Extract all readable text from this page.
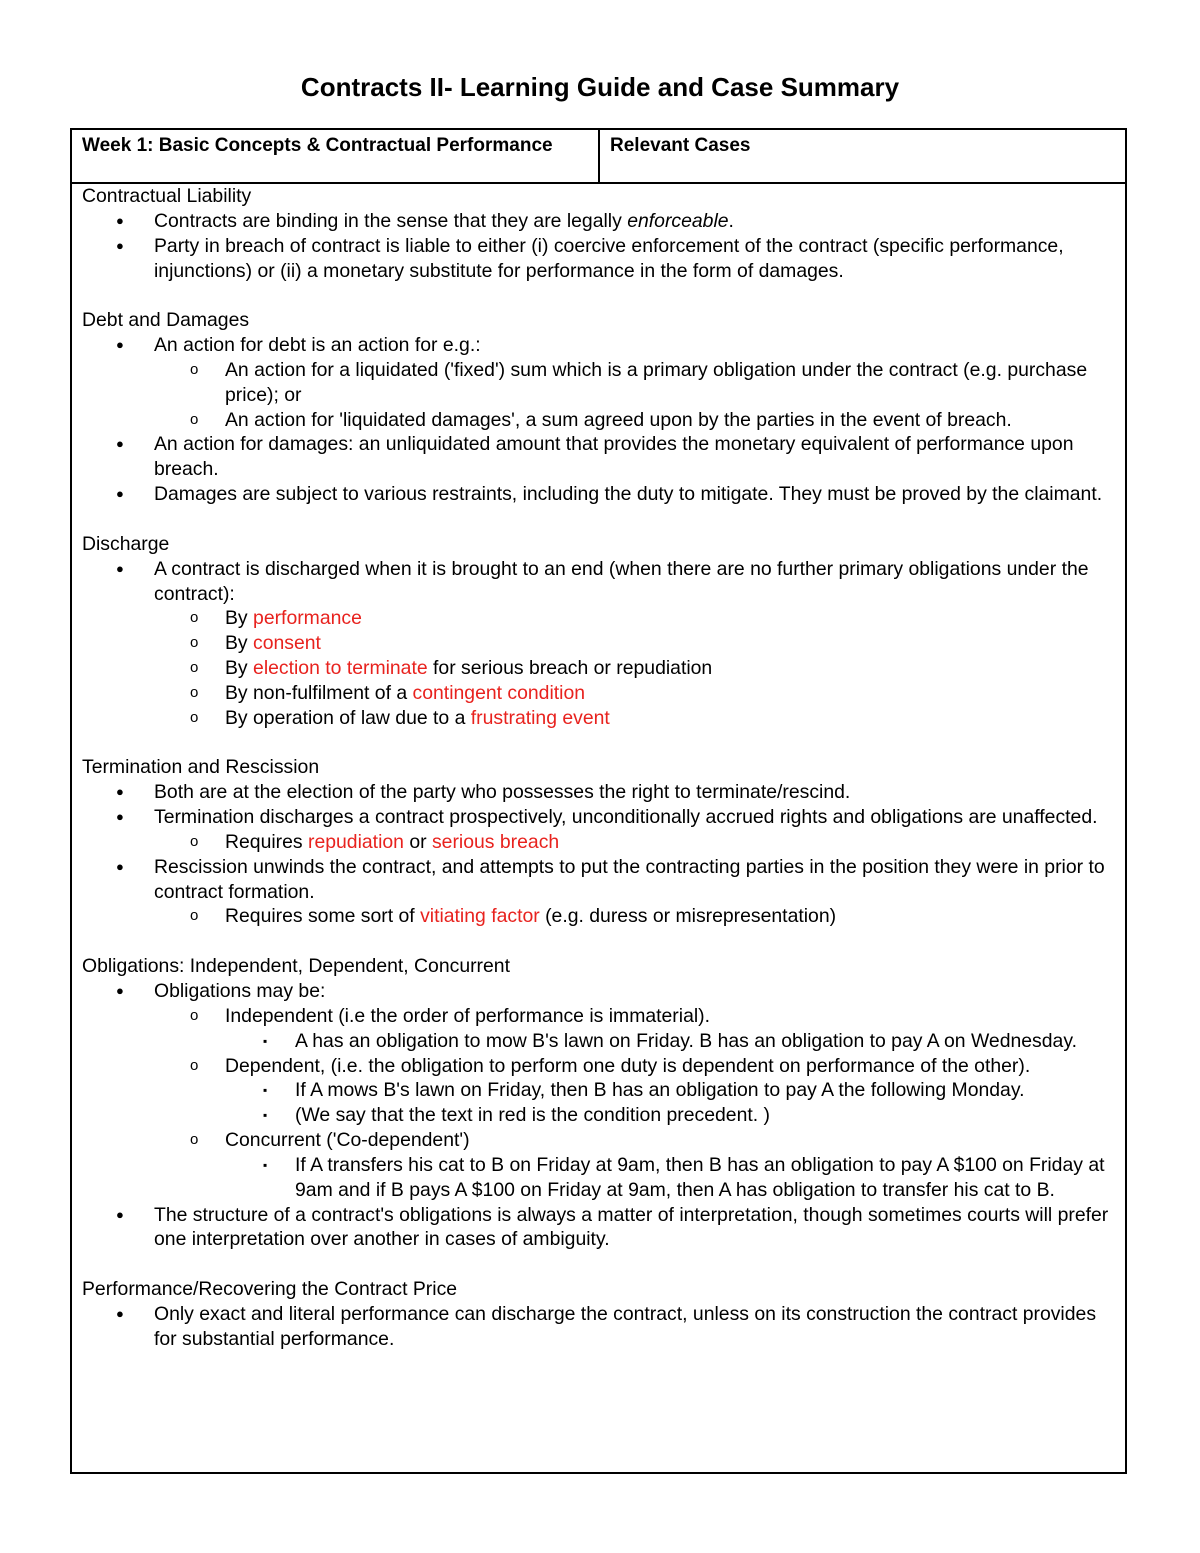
Contracts II- Learning Guide and Case Summary
Week 1: Basic Concepts & Contractual Performance	Relevant Cases

Contractual Liability

● Contracts are binding in the sense that they are legally enforceable.
● Party in breach of contract is liable to either (i) coercive enforcement of the contract (specific performance, injunctions) or (ii) a monetary substitute for performance in the form of damages.

Debt and Damages

● An action for debt is an action for e.g.:
o An action for a liquidated ('fixed') sum which is a primary obligation under the contract (e.g. purchase price); or
o An action for 'liquidated damages', a sum agreed upon by the parties in the event of breach.
● An action for damages: an unliquidated amount that provides the monetary equivalent of performance upon breach.
● Damages are subject to various restraints, including the duty to mitigate. They must be proved by the claimant.

Discharge

● A contract is discharged when it is brought to an end (when there are no further primary obligations under the contract):
o By performance
o By consent
o By election to terminate for serious breach or repudiation
o By non-fulfilment of a contingent condition
o By operation of law due to a frustrating event

Termination and Rescission

● Both are at the election of the party who possesses the right to terminate/rescind.
● Termination discharges a contract prospectively, unconditionally accrued rights and obligations are unaffected.
o Requires repudiation or serious breach
● Rescission unwinds the contract, and attempts to put the contracting parties in the position they were in prior to contract formation.
o Requires some sort of vitiating factor (e.g. duress or misrepresentation)

Obligations: Independent, Dependent, Concurrent

● Obligations may be:
o Independent (i.e the order of performance is immaterial).
▪ A has an obligation to mow B's lawn on Friday. B has an obligation to pay A on Wednesday.
o Dependent, (i.e. the obligation to perform one duty is dependent on performance of the other).
▪ If A mows B's lawn on Friday, then B has an obligation to pay A the following Monday.
▪ (We say that the text in red is the condition precedent. )
o Concurrent ('Co-dependent')
▪ If A transfers his cat to B on Friday at 9am, then B has an obligation to pay A $100 on Friday at 9am and if B pays A $100 on Friday at 9am, then A has obligation to transfer his cat to B.
● The structure of a contract's obligations is always a matter of interpretation, though sometimes courts will prefer one interpretation over another in cases of ambiguity.

Performance/Recovering the Contract Price

● Only exact and literal performance can discharge the contract, unless on its construction the contract provides for substantial performance.
